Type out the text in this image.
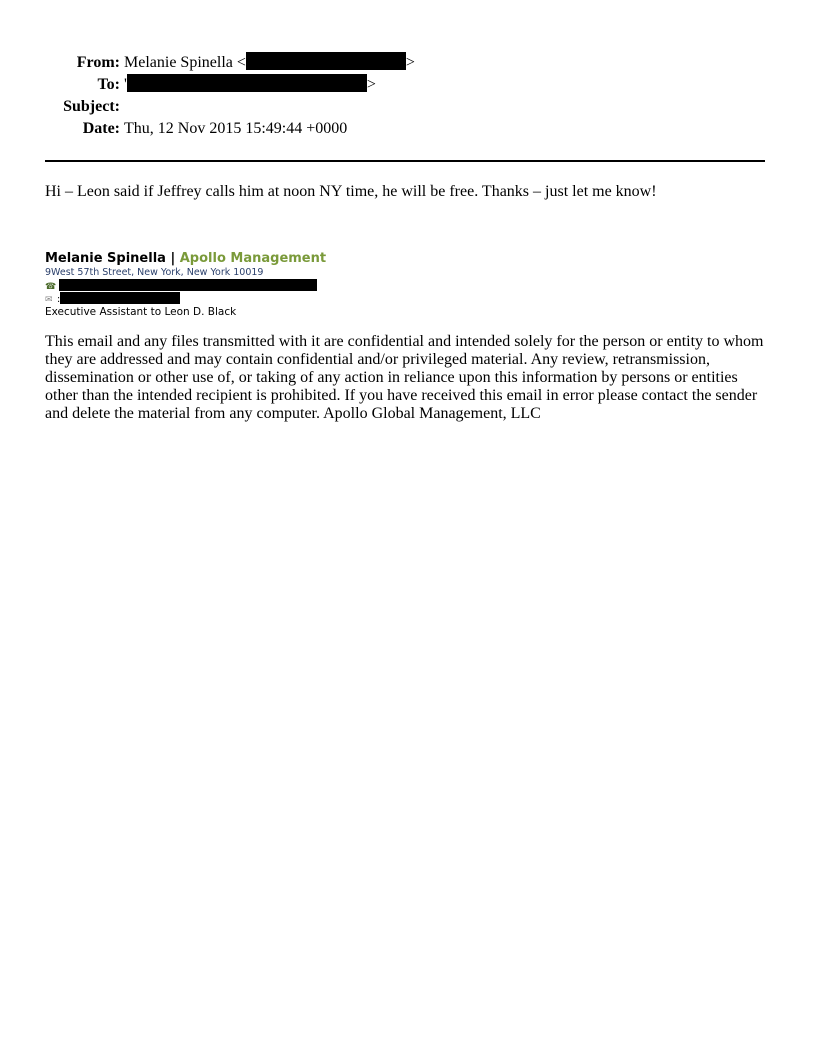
From: Melanie Spinella <	>
To: '	>
Subject:
Date: Thu, 12 Nov 2015 15:49:44 +0000
Hi – Leon said if Jeffrey calls him at noon NY time, he will be free. Thanks – just let me know!
Melanie Spinella | Apollo Management
9West 57th Street, New York, New York 10019
☎
✉ :
Executive Assistant to Leon D. Black
This email and any files transmitted with it are confidential and intended solely for the person or entity to whom they are addressed and may contain confidential and/or privileged material. Any review, retransmission, dissemination or other use of, or taking of any action in reliance upon this information by persons or entities other than the intended recipient is prohibited. If you have received this email in error please contact the sender and delete the material from any computer. Apollo Global Management, LLC
